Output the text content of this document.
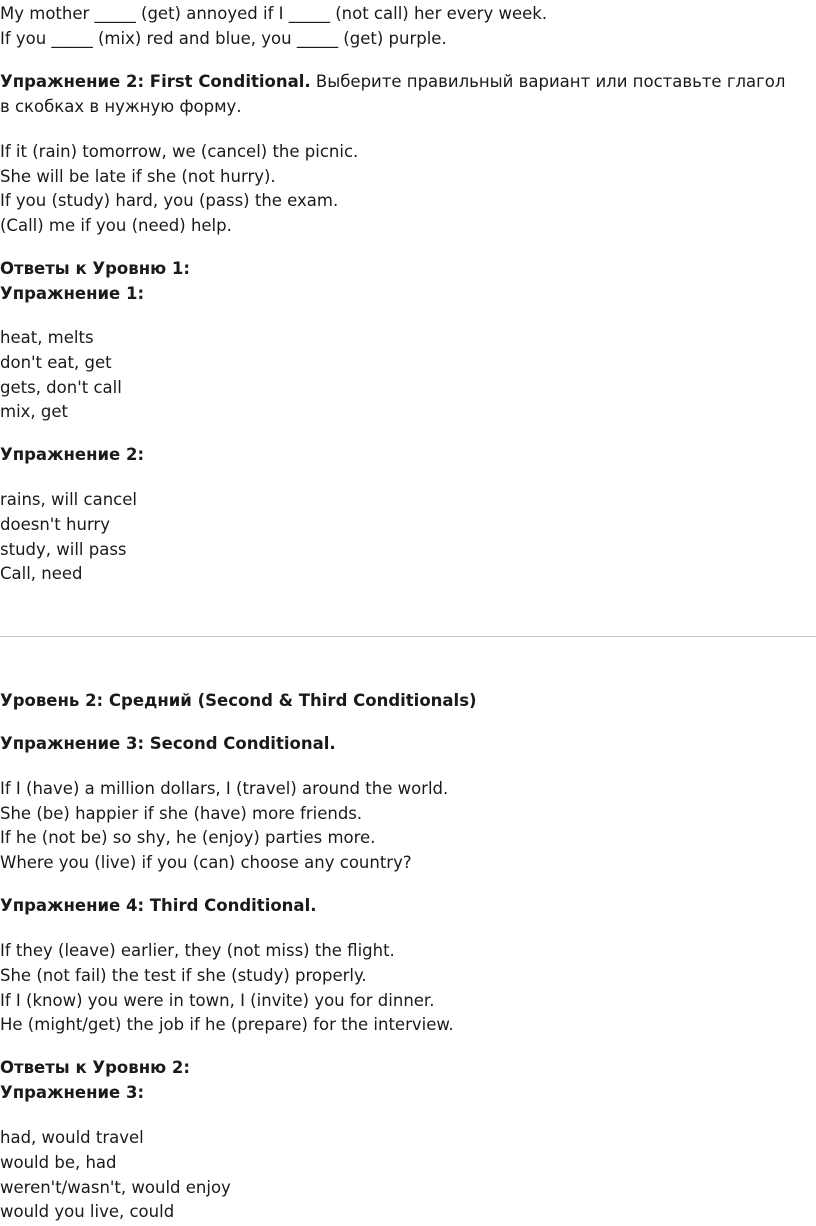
My mother _____ (get) annoyed if I _____ (not call) her every week.
If you _____ (mix) red and blue, you _____ (get) purple.
Упражнение 2: First Conditional. Выберите правильный вариант или поставьте глагол в скобках в нужную форму.
If it (rain) tomorrow, we (cancel) the picnic.
She will be late if she (not hurry).
If you (study) hard, you (pass) the exam.
(Call) me if you (need) help.
Ответы к Уровню 1:
Упражнение 1:
heat, melts
don't eat, get
gets, don't call
mix, get
Упражнение 2:
rains, will cancel
doesn't hurry
study, will pass
Call, need
Уровень 2: Средний (Second & Third Conditionals)
Упражнение 3: Second Conditional.
If I (have) a million dollars, I (travel) around the world.
She (be) happier if she (have) more friends.
If he (not be) so shy, he (enjoy) parties more.
Where you (live) if you (can) choose any country?
Упражнение 4: Third Conditional.
If they (leave) earlier, they (not miss) the flight.
She (not fail) the test if she (study) properly.
If I (know) you were in town, I (invite) you for dinner.
He (might/get) the job if he (prepare) for the interview.
Ответы к Уровню 2:
Упражнение 3:
had, would travel
would be, had
weren't/wasn't, would enjoy
would you live, could
